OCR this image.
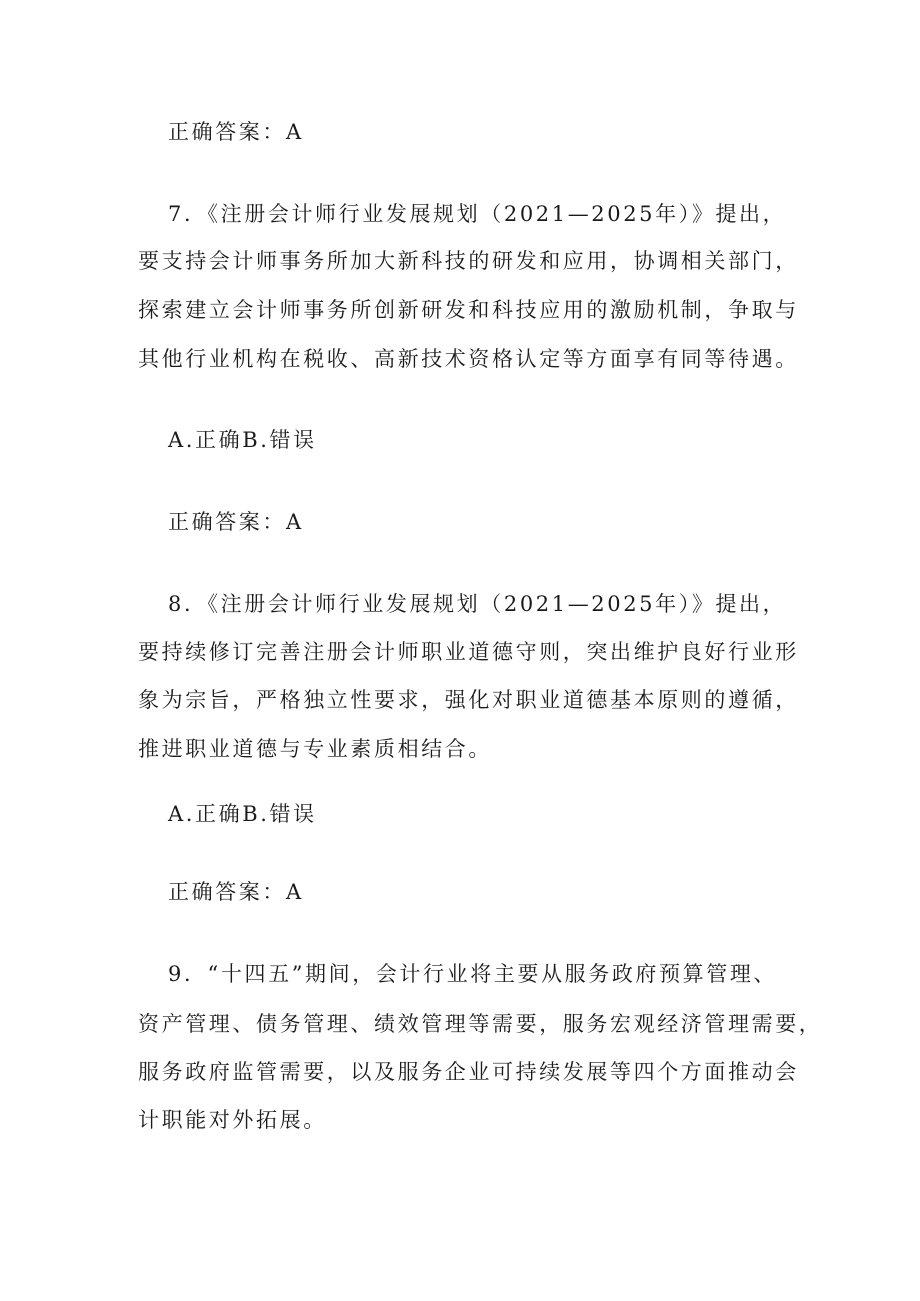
正确答案：A
7．《注册会计师行业发展规划（2021—2025年）》提出，
要支持会计师事务所加大新科技的研发和应用，协调相关部门，
探索建立会计师事务所创新研发和科技应用的激励机制，争取与
其他行业机构在税收、高新技术资格认定等方面享有同等待遇。
A.正确B.错误
正确答案：A
8．《注册会计师行业发展规划（2021—2025年）》提出，
要持续修订完善注册会计师职业道德守则，突出维护良好行业形
象为宗旨，严格独立性要求，强化对职业道德基本原则的遵循，
推进职业道德与专业素质相结合。
A.正确B.错误
正确答案：A
9．“十四五”期间，会计行业将主要从服务政府预算管理、
资产管理、债务管理、绩效管理等需要，服务宏观经济管理需要，
服务政府监管需要，以及服务企业可持续发展等四个方面推动会
计职能对外拓展。
